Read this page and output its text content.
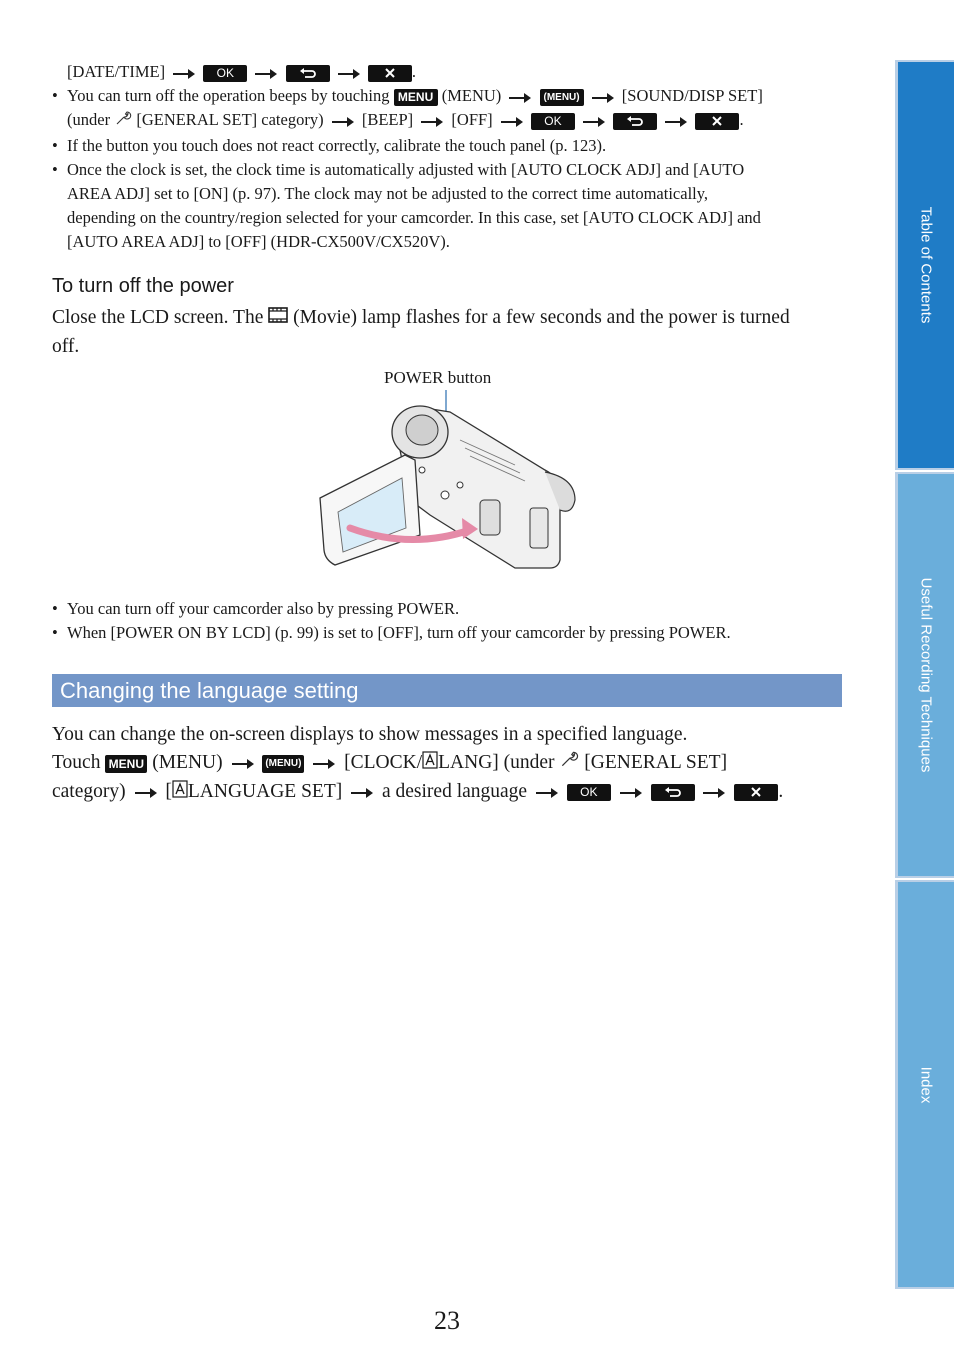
[DATE/TIME]	OK
	.
• You can turn off the operation beeps by touching MENU (MENU)	(MENU)	[SOUND/DISP SET]
(under [GENERAL SET] category) [BEEP] [OFF]	OK
	.
• If the button you touch does not react correctly, calibrate the touch panel (p. 123).
• Once the clock is set, the clock time is automatically adjusted with [AUTO CLOCK ADJ] and [AUTO
AREA ADJ] set to [ON] (p. 97). The clock may not be adjusted to the correct time automatically,
depending on the country/region selected for your camcorder. In this case, set [AUTO CLOCK ADJ] and
[AUTO AREA ADJ] to [OFF] (HDR-CX500V/CX520V).
To turn off the power
Close the LCD screen. The (Movie) lamp flashes for a few seconds and the power is turned
off.
POWER button
• You can turn off your camcorder also by pressing POWER.
• When [POWER ON BY LCD] (p. 99) is set to [OFF], turn off your camcorder by pressing POWER.
Changing the language setting
You can change the on-screen displays to show messages in a specified language.
Touch MENU (MENU)	(MENU) [CLOCK/ LANG] (under [GENERAL SET]
category) [ LANGUAGE SET] a desired language	OK
	.
Table of Contents
Useful Recording Techniques
Index
23
